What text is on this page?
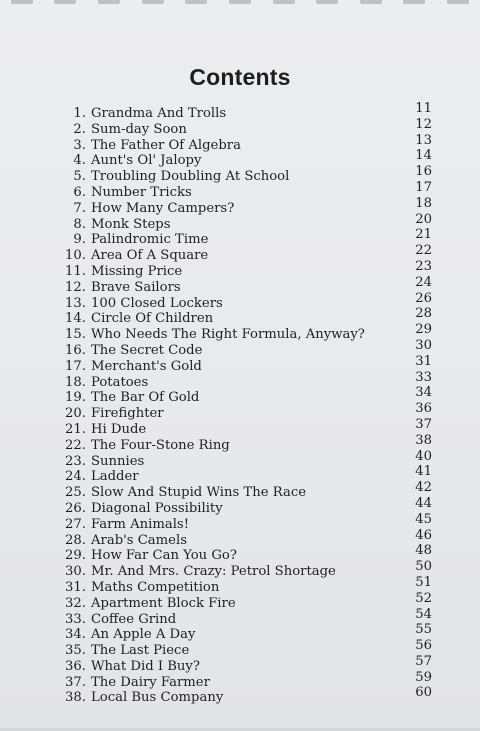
Contents
1. Grandma And Trolls	11
2. Sum-day Soon	12
3. The Father Of Algebra	13
4. Aunt's Ol' Jalopy	14
5. Troubling Doubling At School	16
6. Number Tricks	17
7. How Many Campers?	18
8. Monk Steps	20
9. Palindromic Time	21
10. Area Of A Square	22
11. Missing Price	23
12. Brave Sailors	24
13. 100 Closed Lockers	26
14. Circle Of Children	28
15. Who Needs The Right Formula, Anyway?	29
16. The Secret Code	30
17. Merchant's Gold	31
18. Potatoes	33
19. The Bar Of Gold	34
20. Firefighter	36
21. Hi Dude	37
22. The Four-Stone Ring	38
23. Sunnies	40
24. Ladder	41
25. Slow And Stupid Wins The Race	42
26. Diagonal Possibility	44
27. Farm Animals!	45
28. Arab's Camels	46
29. How Far Can You Go?	48
30. Mr. And Mrs. Crazy: Petrol Shortage	50
31. Maths Competition	51
32. Apartment Block Fire	52
33. Coffee Grind	54
34. An Apple A Day	55
35. The Last Piece	56
36. What Did I Buy?	57
37. The Dairy Farmer	59
38. Local Bus Company	60
